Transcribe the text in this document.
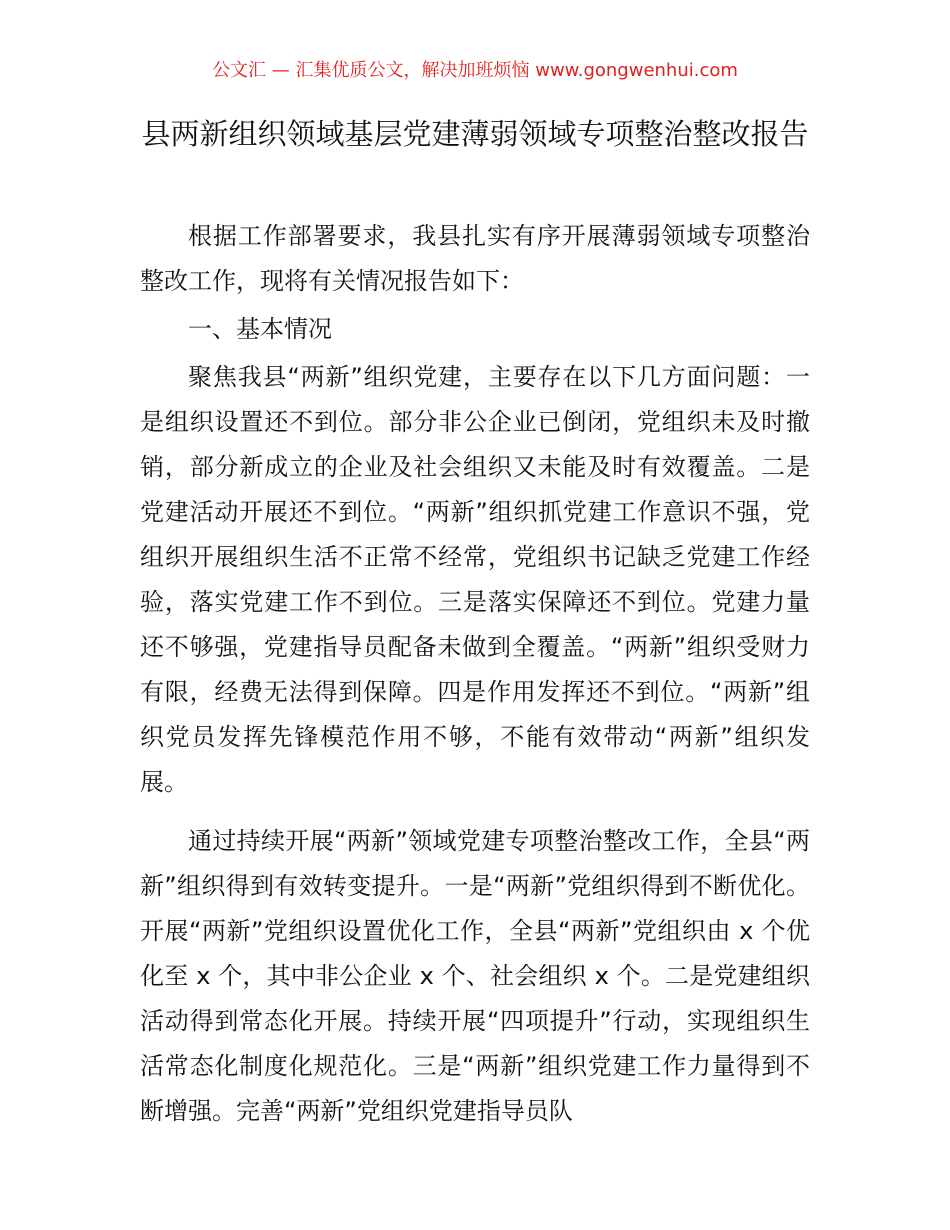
公文汇 — 汇集优质公文，解决加班烦恼 www.gongwenhui.com
县两新组织领域基层党建薄弱领域专项整治整改报告

根据工作部署要求，我县扎实有序开展薄弱领域专项整治整改工作，现将有关情况报告如下：

一、基本情况

聚焦我县“两新”组织党建，主要存在以下几方面问题：一是组织设置还不到位。部分非公企业已倒闭，党组织未及时撤销，部分新成立的企业及社会组织又未能及时有效覆盖。二是党建活动开展还不到位。“两新”组织抓党建工作意识不强，党组织开展组织生活不正常不经常，党组织书记缺乏党建工作经验，落实党建工作不到位。三是落实保障还不到位。党建力量还不够强，党建指导员配备未做到全覆盖。“两新”组织受财力有限，经费无法得到保障。四是作用发挥还不到位。“两新”组织党员发挥先锋模范作用不够，不能有效带动“两新”组织发展。

通过持续开展“两新”领域党建专项整治整改工作，全县“两新”组织得到有效转变提升。一是“两新”党组织得到不断优化。开展“两新”党组织设置优化工作，全县“两新”党组织由 x 个优化至 x 个，其中非公企业 x 个、社会组织 x 个。二是党建组织活动得到常态化开展。持续开展“四项提升”行动，实现组织生活常态化制度化规范化。三是“两新”组织党建工作力量得到不断增强。完善“两新”党组织党建指导员队
